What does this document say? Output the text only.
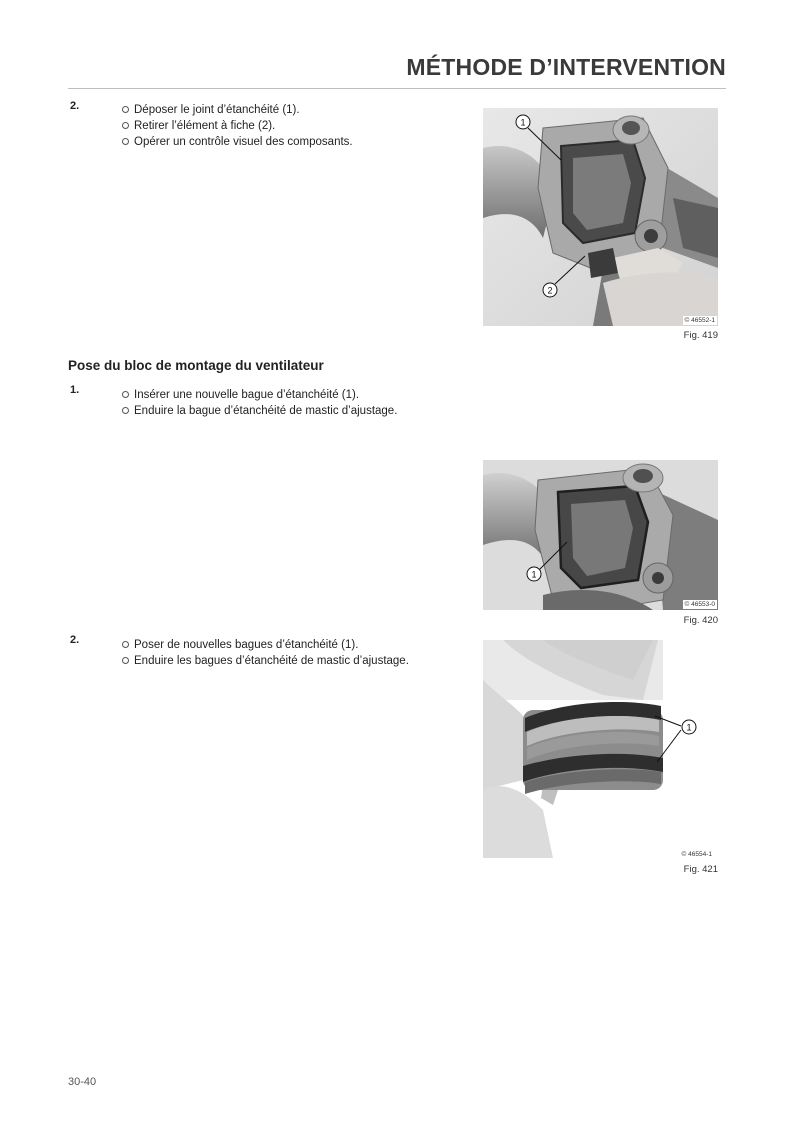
MÉTHODE D’INTERVENTION
2.	Déposer le joint d’étanchéité (1).
Retirer l’élément à fiche (2).
Opérer un contrôle visuel des composants.
1
2
© 46552-1
Fig. 419
Pose du bloc de montage du ventilateur
1.	Insérer une nouvelle bague d’étanchéité (1).
Enduire la bague d’étanchéité de mastic d’ajustage.
1
© 46553-0
Fig. 420
2.	Poser de nouvelles bagues d’étanchéité (1).
Enduire les bagues d’étanchéité de mastic d’ajustage.
1
© 46554-1
Fig. 421
30-40
